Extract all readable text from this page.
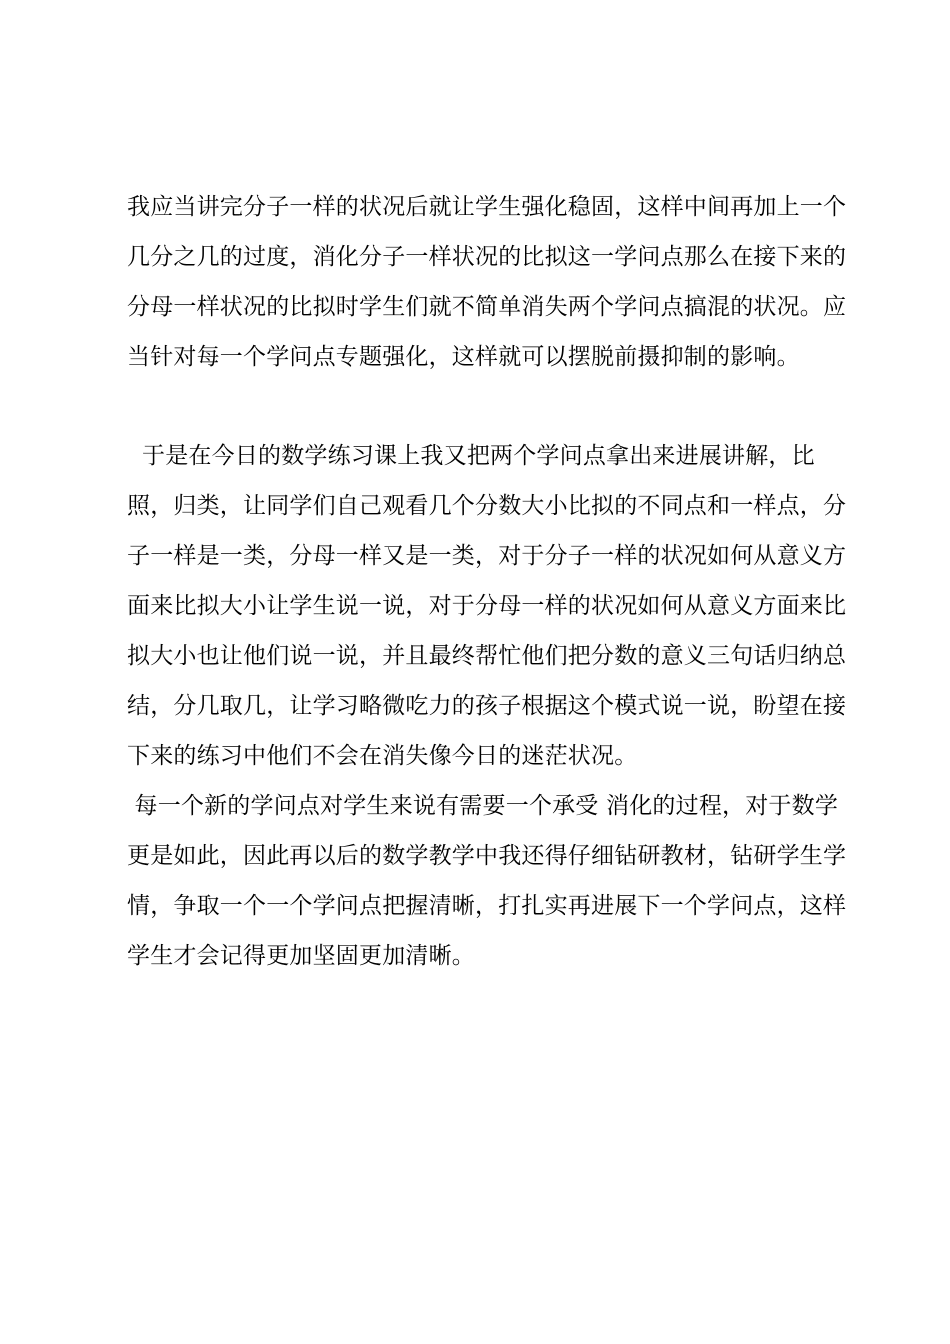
我应当讲完分子一样的状况后就让学生强化稳固，这样中间再加上一个
几分之几的过度，消化分子一样状况的比拟这一学问点那么在接下来的
分母一样状况的比拟时学生们就不简单消失两个学问点搞混的状况。应
当针对每一个学问点专题强化，这样就可以摆脱前摄抑制的影响。
于是在今日的数学练习课上我又把两个学问点拿出来进展讲解，比
照，归类，让同学们自己观看几个分数大小比拟的不同点和一样点，分
子一样是一类，分母一样又是一类，对于分子一样的状况如何从意义方
面来比拟大小让学生说一说，对于分母一样的状况如何从意义方面来比
拟大小也让他们说一说，并且最终帮忙他们把分数的意义三句话归纳总
结，分几取几，让学习略微吃力的孩子根据这个模式说一说，盼望在接
下来的练习中他们不会在消失像今日的迷茫状况。
每一个新的学问点对学生来说有需要一个承受 消化的过程，对于数学
更是如此，因此再以后的数学教学中我还得仔细钻研教材，钻研学生学
情，争取一个一个学问点把握清晰，打扎实再进展下一个学问点，这样
学生才会记得更加坚固更加清晰。
